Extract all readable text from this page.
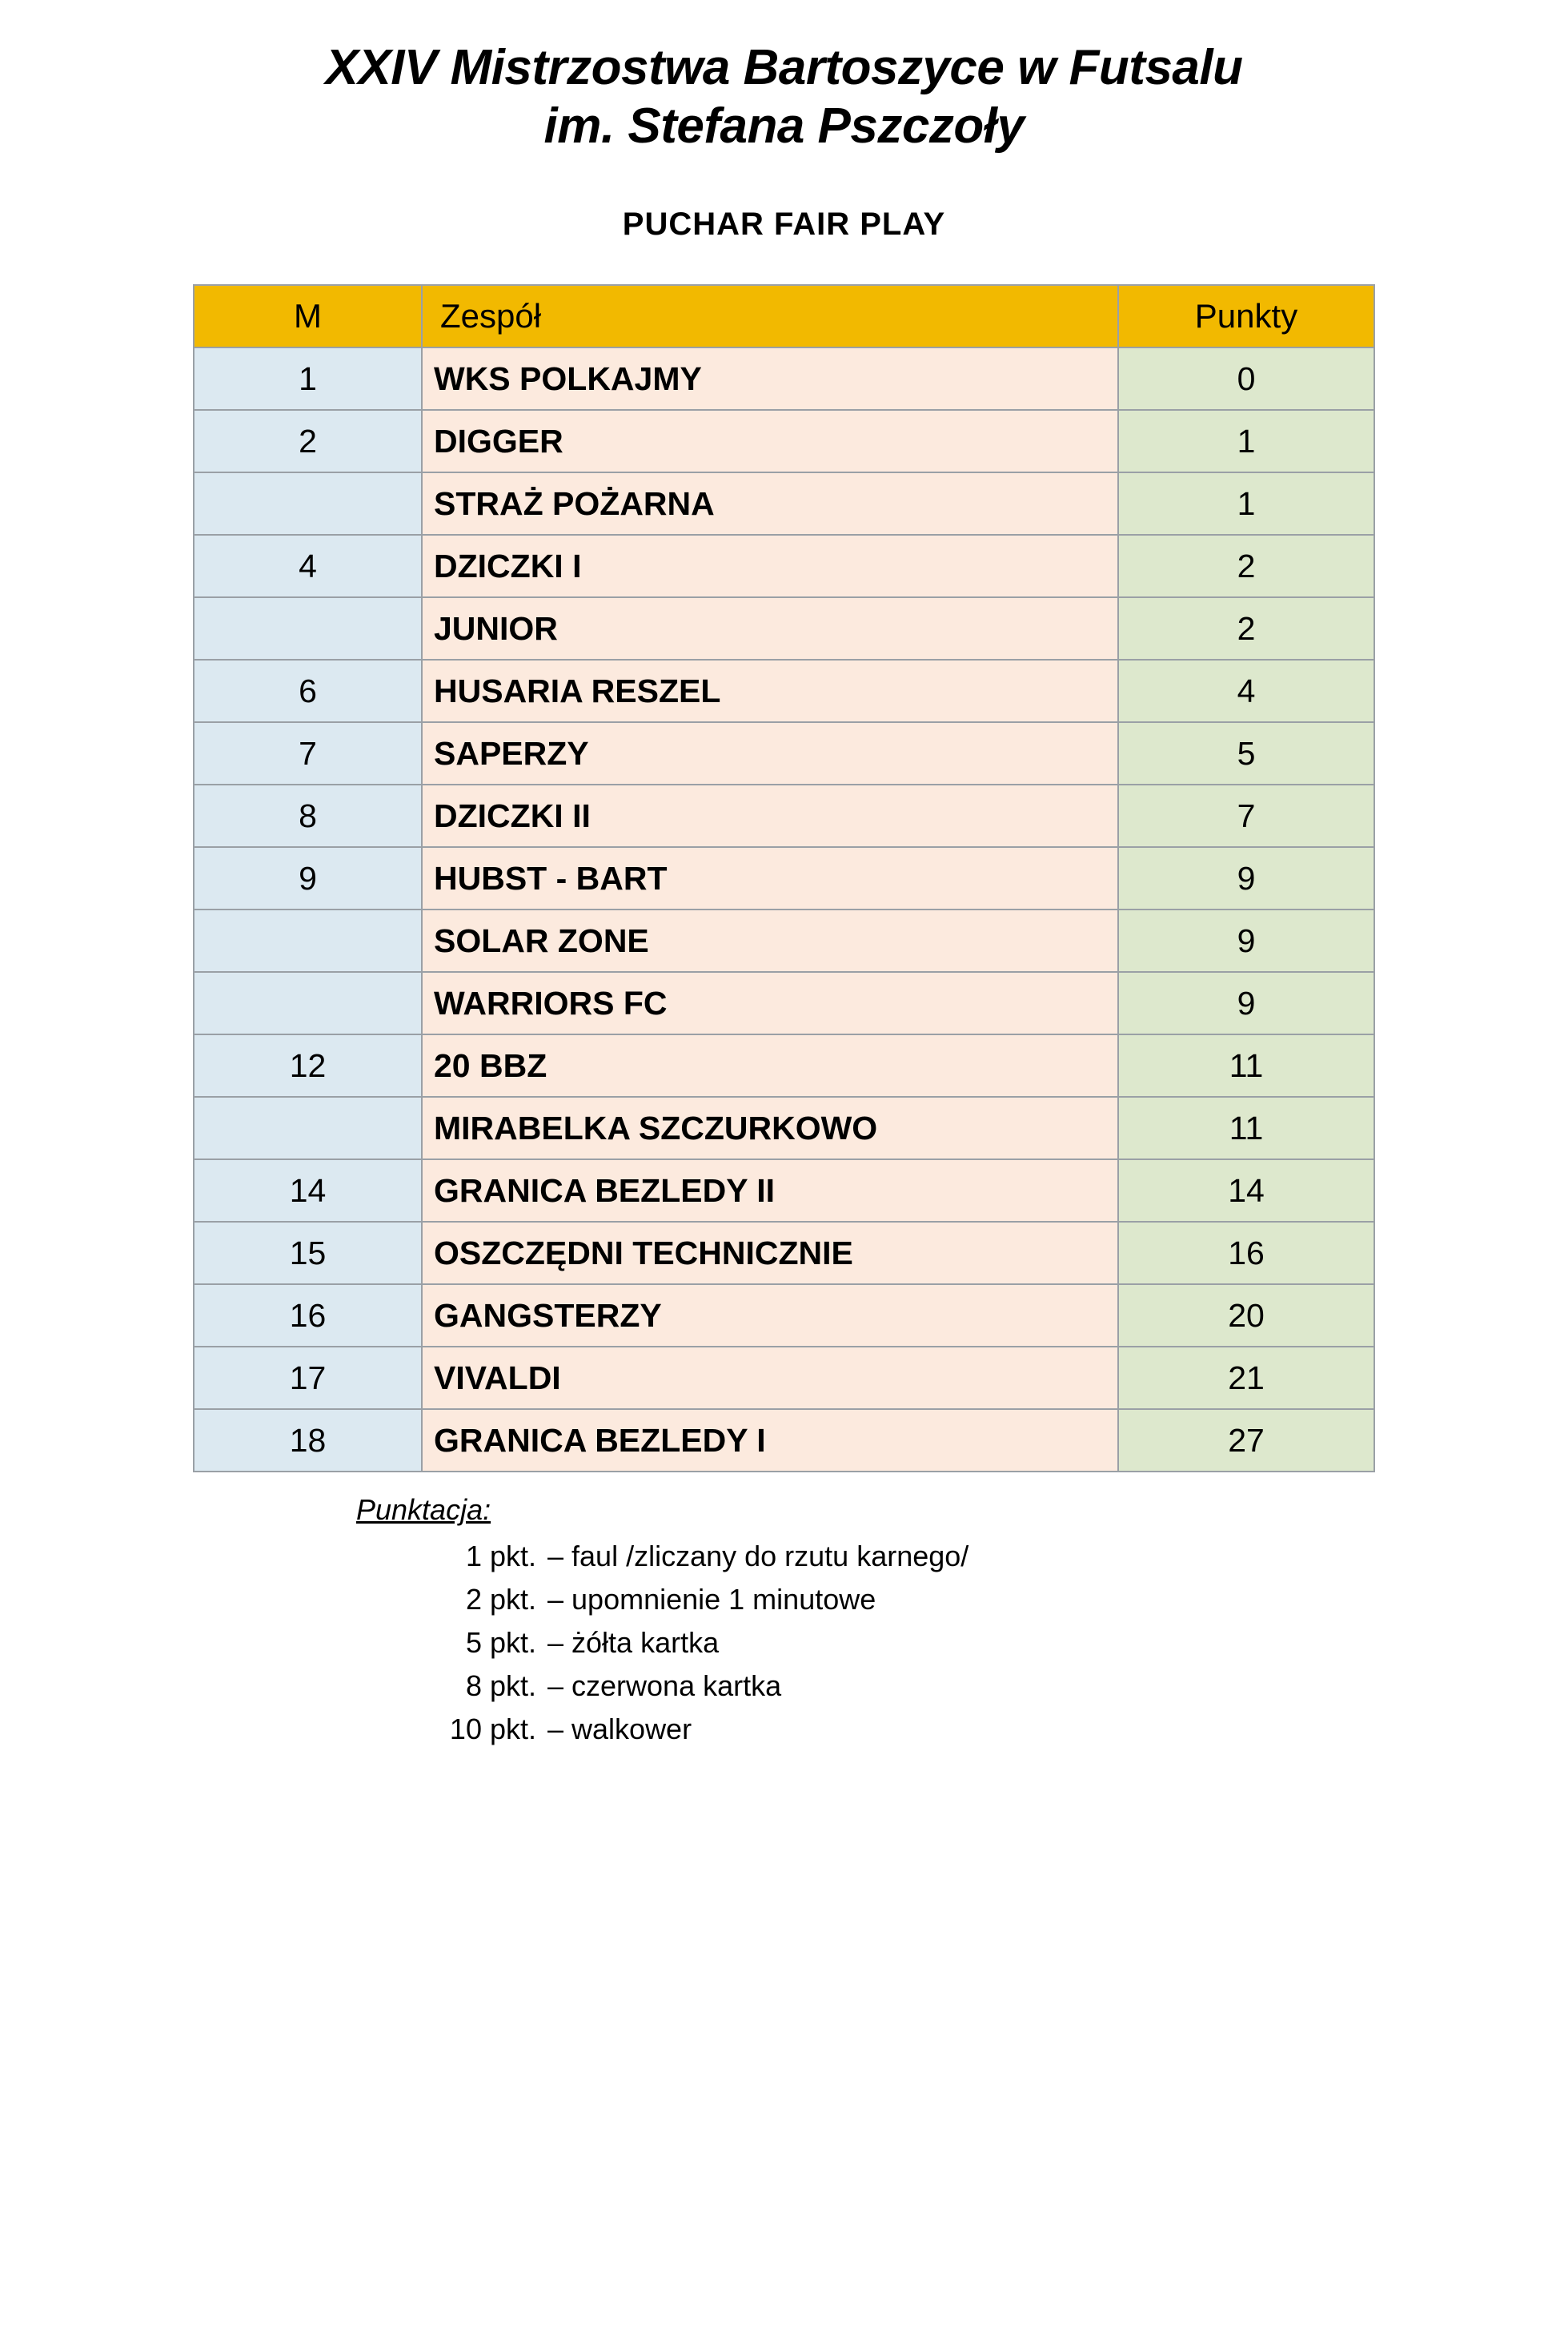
XXIV Mistrzostwa Bartoszyce w Futsalu
im. Stefana Pszczoły
PUCHAR FAIR PLAY
M	Zespół	Punkty
1	WKS POLKAJMY	0
2	DIGGER	1
	STRAŻ POŻARNA	1
4	DZICZKI I	2
	JUNIOR	2
6	HUSARIA RESZEL	4
7	SAPERZY	5
8	DZICZKI II	7
9	HUBST - BART	9
	SOLAR ZONE	9
	WARRIORS FC	9
12	20 BBZ	11
	MIRABELKA SZCZURKOWO	11
14	GRANICA BEZLEDY II	14
15	OSZCZĘDNI TECHNICZNIE	16
16	GANGSTERZY	20
17	VIVALDI	21
18	GRANICA BEZLEDY I	27
Punktacja:
1 pkt. – faul /zliczany do rzutu karnego/
2 pkt. – upomnienie 1 minutowe
5 pkt. – żółta kartka
8 pkt. – czerwona kartka
10 pkt. – walkower
